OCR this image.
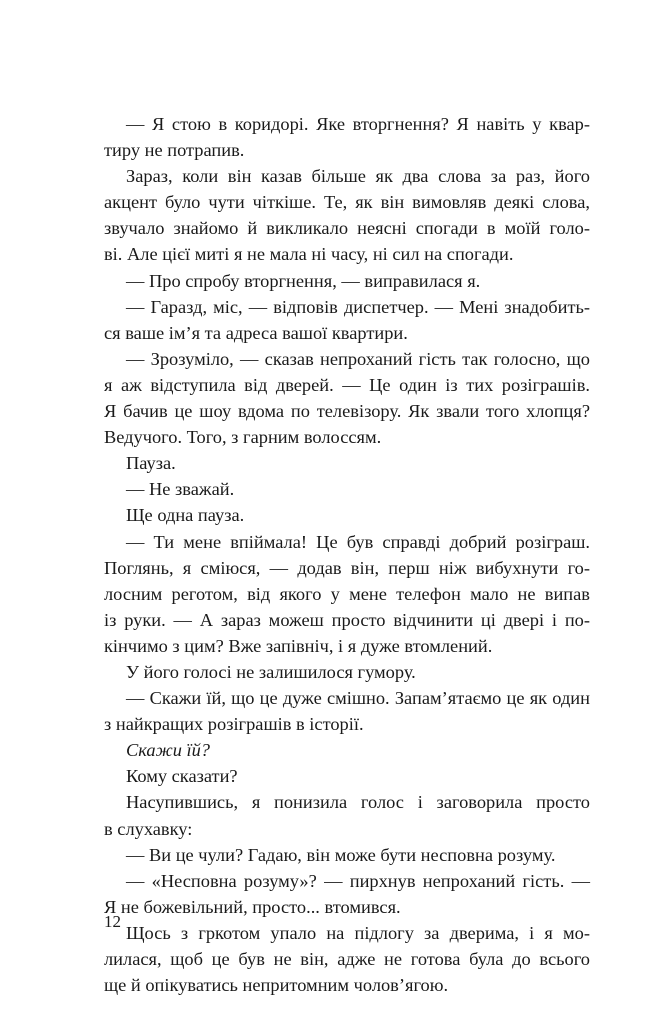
— Я стою в коридорі. Яке вторгнення? Я навіть у квар-
тиру не потрапив.
Зараз, коли він казав більше як два слова за раз, його
акцент було чути чіткіше. Те, як він вимовляв деякі слова,
звучало знайомо й викликало неясні спогади в моїй голо-
ві. Але цієї миті я не мала ні часу, ні сил на спогади.
— Про спробу вторгнення, — виправилася я.
— Гаразд, міс, — відповів диспетчер. — Мені знадобить-
ся ваше ім’я та адреса вашої квартири.
— Зрозуміло, — сказав непроханий гість так голосно, що
я аж відступила від дверей. — Це один із тих розіграшів.
Я бачив це шоу вдома по телевізору. Як звали того хлопця?
Ведучого. Того, з гарним волоссям.
Пауза.
— Не зважай.
Ще одна пауза.
— Ти мене впіймала! Це був справді добрий розіграш.
Поглянь, я сміюся, — додав він, перш ніж вибухнути го-
лосним реготом, від якого у мене телефон мало не випав
із руки. — А зараз можеш просто відчинити ці двері і по-
кінчимо з цим? Вже запівніч, і я дуже втомлений.
У його голосі не залишилося гумору.
— Скажи їй, що це дуже смішно. Запам’ятаємо це як один
з найкращих розіграшів в історії.
Скажи їй?
Кому сказати?
Насупившись, я понизила голос і заговорила просто
в слухавку:
— Ви це чули? Гадаю, він може бути несповна розуму.
— «Несповна розуму»? — пирхнув непроханий гість. —
Я не божевільний, просто... втомився.
Щось з гркотом упало на підлогу за дверима, і я мо-
лилася, щоб це був не він, адже не готова була до всього
ще й опікуватись непритомним чолов’ягою.
12
